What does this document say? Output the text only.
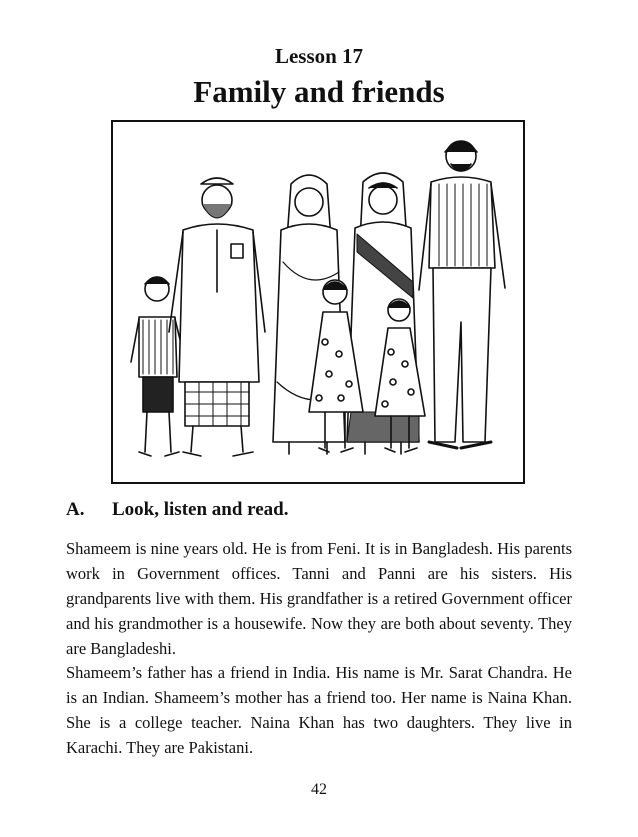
Lesson 17
Family and friends
A. Look, listen and read.

Shameem is nine years old. He is from Feni. It is in Bangladesh. His parents work in Government offices. Tanni and Panni are his sisters. His grandparents live with them. His grandfather is a retired Government officer and his grandmother is a housewife. Now they are both about seventy. They are Bangladeshi.

Shameem’s father has a friend in India. His name is Mr. Sarat Chandra. He is an Indian. Shameem’s mother has a friend too. Her name is Naina Khan. She is a college teacher. Naina Khan has two daughters. They live in Karachi. They are Pakistani.

42
